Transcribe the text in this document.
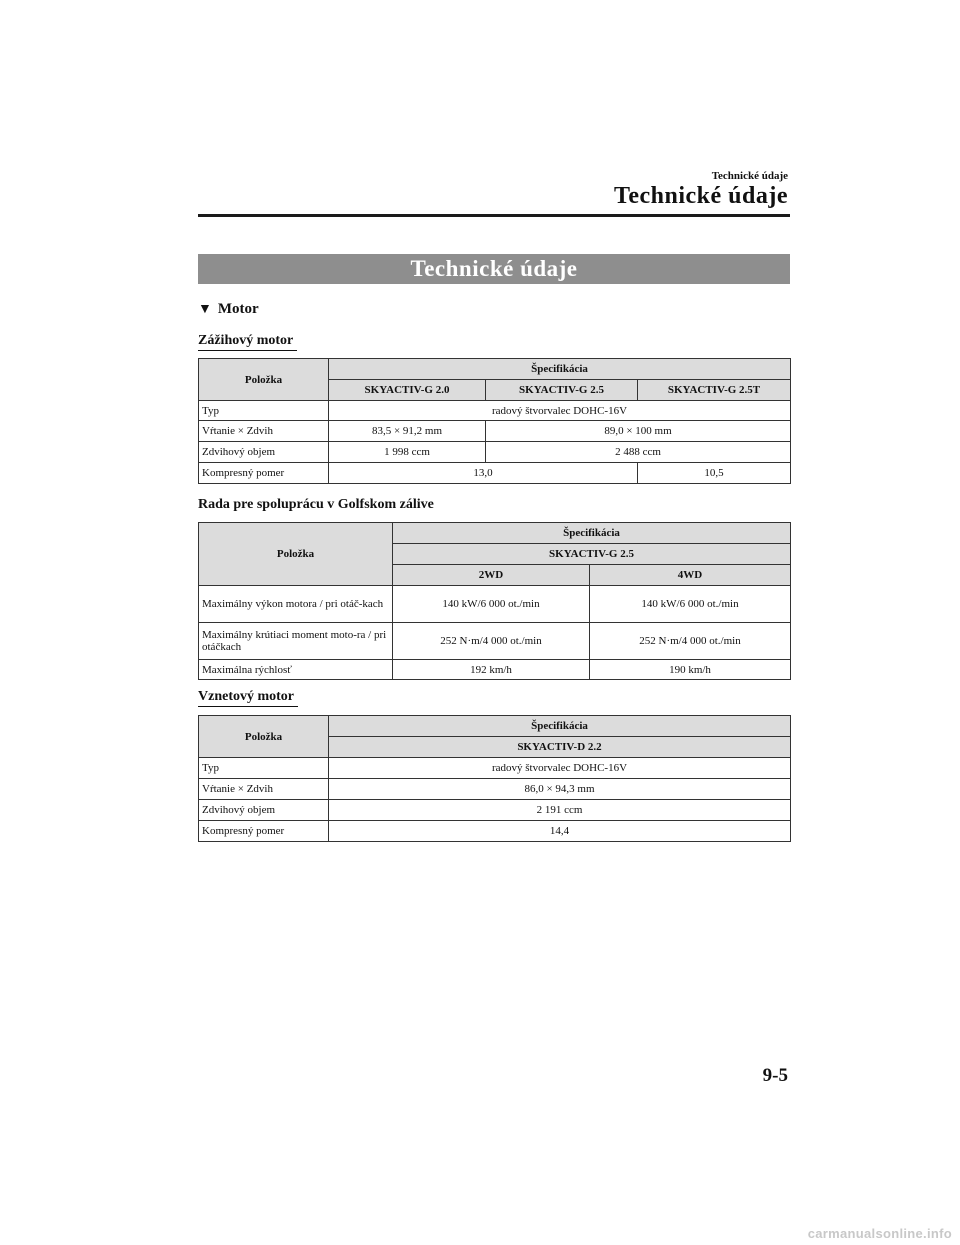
Technické údaje
Technické údaje
Technické údaje
▼ Motor
Zážihový motor
Položka	Špecifikácia		
	SKYACTIV-G 2.0	SKYACTIV-G 2.5	SKYACTIV-G 2.5T
Typ	radový štvorvalec DOHC-16V		
Vŕtanie × Zdvih	83,5 × 91,2 mm	89,0 × 100 mm	
Zdvihový objem	1 998 ccm	2 488 ccm	
Kompresný pomer	13,0		10,5
Rada pre spoluprácu v Golfskom zálive
Položka	Špecifikácia	
	SKYACTIV-G 2.5	
	2WD	4WD
Maximálny výkon motora / pri otáč-kach	140 kW/6 000 ot./min	140 kW/6 000 ot./min
Maximálny krútiaci moment moto-ra / pri otáčkach	252 N·m/4 000 ot./min	252 N·m/4 000 ot./min
Maximálna rýchlosť	192 km/h	190 km/h
Vznetový motor
Položka	Špecifikácia
	SKYACTIV-D 2.2
Typ	radový štvorvalec DOHC-16V
Vŕtanie × Zdvih	86,0 × 94,3 mm
Zdvihový objem	2 191 ccm
Kompresný pomer	14,4
9-5
carmanualsonline.info
